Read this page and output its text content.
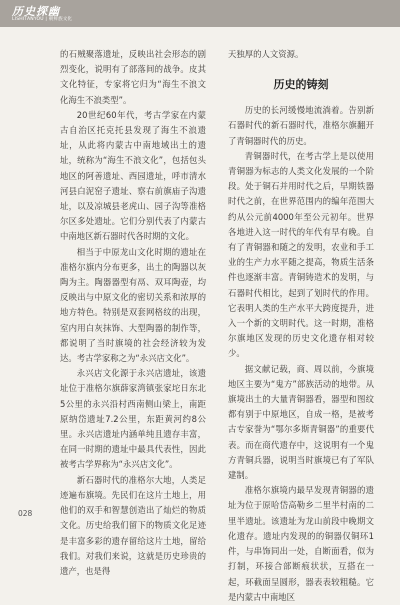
历史探幽
LISHITANYOU | 朝鲜族文化

的石贼聚落遗址，反映出社会形态的剧烈变化，说明有了部落间的战争。皮其文化特征，专家将它归为“海生不浪文化海生不浪类型”。

20世纪60年代，考古学家在内蒙古自治区托克托县发现了海生不浪遗址，从此将内蒙古中南地域出土的遗址，统称为“海生不浪文化”，包括包头地区的阿善遗址、西园遗址，呼市清水河县白泥窑子遗址、察右前旗庙子沟遗址，以及凉城县老虎山、园子沟等准格尔区多处遗址。它们分别代表了内蒙古中南地区新石器时代各时期的文化。

相当于中原龙山文化时期的遗址在准格尔旗内分布更多，出土的陶器以灰陶为主。陶器器型有鬲、双耳陶壶，均反映出与中原文化的密切关系和浓厚的地方特色。特别是双套网格纹的出现，室内用白灰抹饰、大型陶器的制作等，都说明了当时旗境的社会经济较为发达。考古学家称之为“永兴店文化”。

永兴店文化源于永兴店遗址，该遗址位于准格尔旗薛家湾镇张家坨日东北5公里的永兴沿村西南侧山梁上，南距原纳岱遗址7.2公里，东距黄河约8公里。永兴店遗址内涵单纯且遗存丰富，在同一时期的遗址中最具代表性，因此被考古学界称为“永兴店文化”。

新石器时代的准格尔大地，人类足迹遍布旗境。先民们在这片土地上，用他们的双手和智慧创造出了灿烂的物质文化。历史给我们留下的物质文化足迹是丰富多彩的遗存留给这片土地，留给我们。对我们来说，这就是历史珍贵的遗产，也是得

天独厚的人文资源。

历史的铸刻

历史的长河缓慢地流淌着。告别新石器时代的新石器时代，准格尔旗翻开了青铜器时代的历史。

青铜器时代，在考古学上是以使用青铜器为标志的人类文化发展的一个阶段。处于铜石并用时代之后，早期铁器时代之前，在世界范围内的编年范围大约从公元前4000年至公元初年。世界各地进入这一时代的年代有早有晚。自有了青铜器和随之的发明，农业和手工业的生产力水平随之提高，物质生活条件也逐渐丰富。青铜铸造术的发明，与石器时代相比，起到了划时代的作用。它表明人类的生产水平大跨度提升，进入一个新的文明时代。这一时期，准格尔旗地区发现的历史文化遗存相对较少。

据文献记载，商、周以前，今旗境地区主要为“鬼方”部族活动的地带。从旗境出土的大量青铜器看，器型和图纹都有别于中原地区，自成一格，是被考古专家誉为“鄂尔多斯青铜器”的重要代表。而在商代遗存中，这说明有一个鬼方青铜兵器，说明当时旗境已有了军队建制。

准格尔旗境内最早发现青铜器的遗址为位于原哈岱高勒乡二里半村南的二里半遗址。该遗址为龙山前段中晚期文化遗存。遗址内发现的的铜器仅铜环1件，与串饰同出一处，自断面看，似为打制，环接合部断痕状状，互搭在一起，环截面呈圆形，器表表较粗糙。它是内蒙古中南地区

028
